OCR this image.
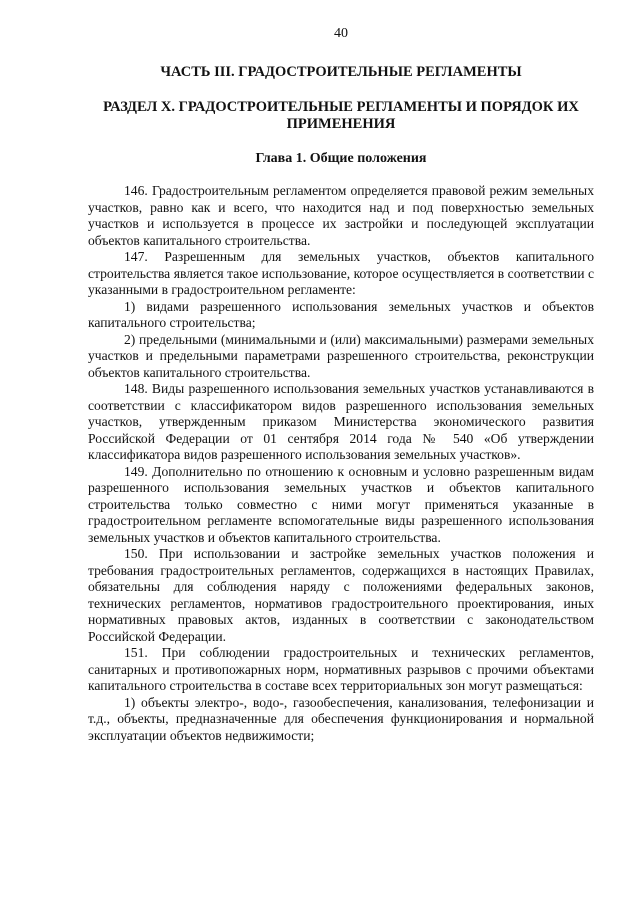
40
ЧАСТЬ III. ГРАДОСТРОИТЕЛЬНЫЕ РЕГЛАМЕНТЫ
РАЗДЕЛ X. ГРАДОСТРОИТЕЛЬНЫЕ РЕГЛАМЕНТЫ И ПОРЯДОК ИХ ПРИМЕНЕНИЯ
Глава 1. Общие положения

146. Градостроительным регламентом определяется правовой режим земельных участков, равно как и всего, что находится над и под поверхностью земельных участков и используется в процессе их застройки и последующей эксплуатации объектов капитального строительства.

147. Разрешенным для земельных участков, объектов капитального строительства является такое использование, которое осуществляется в соответствии с указанными в градостроительном регламенте:

1) видами разрешенного использования земельных участков и объектов капитального строительства;

2) предельными (минимальными и (или) максимальными) размерами земельных участков и предельными параметрами разрешенного строительства, реконструкции объектов капитального строительства.

148. Виды разрешенного использования земельных участков устанавливаются в соответствии с классификатором видов разрешенного использования земельных участков, утвержденным приказом Министерства экономического развития Российской Федерации от 01 сентября 2014 года № 540 «Об утверждении классификатора видов разрешенного использования земельных участков».

149. Дополнительно по отношению к основным и условно разрешенным видам разрешенного использования земельных участков и объектов капитального строительства только совместно с ними могут применяться указанные в градостроительном регламенте вспомогательные виды разрешенного использования земельных участков и объектов капитального строительства.

150. При использовании и застройке земельных участков положения и требования градостроительных регламентов, содержащихся в настоящих Правилах, обязательны для соблюдения наряду с положениями федеральных законов, технических регламентов, нормативов градостроительного проектирования, иных нормативных правовых актов, изданных в соответствии с законодательством Российской Федерации.

151. При соблюдении градостроительных и технических регламентов, санитарных и противопожарных норм, нормативных разрывов с прочими объектами капитального строительства в составе всех территориальных зон могут размещаться:

1) объекты электро-, водо-, газообеспечения, канализования, телефонизации и т.д., объекты, предназначенные для обеспечения функционирования и нормальной эксплуатации объектов недвижимости;
